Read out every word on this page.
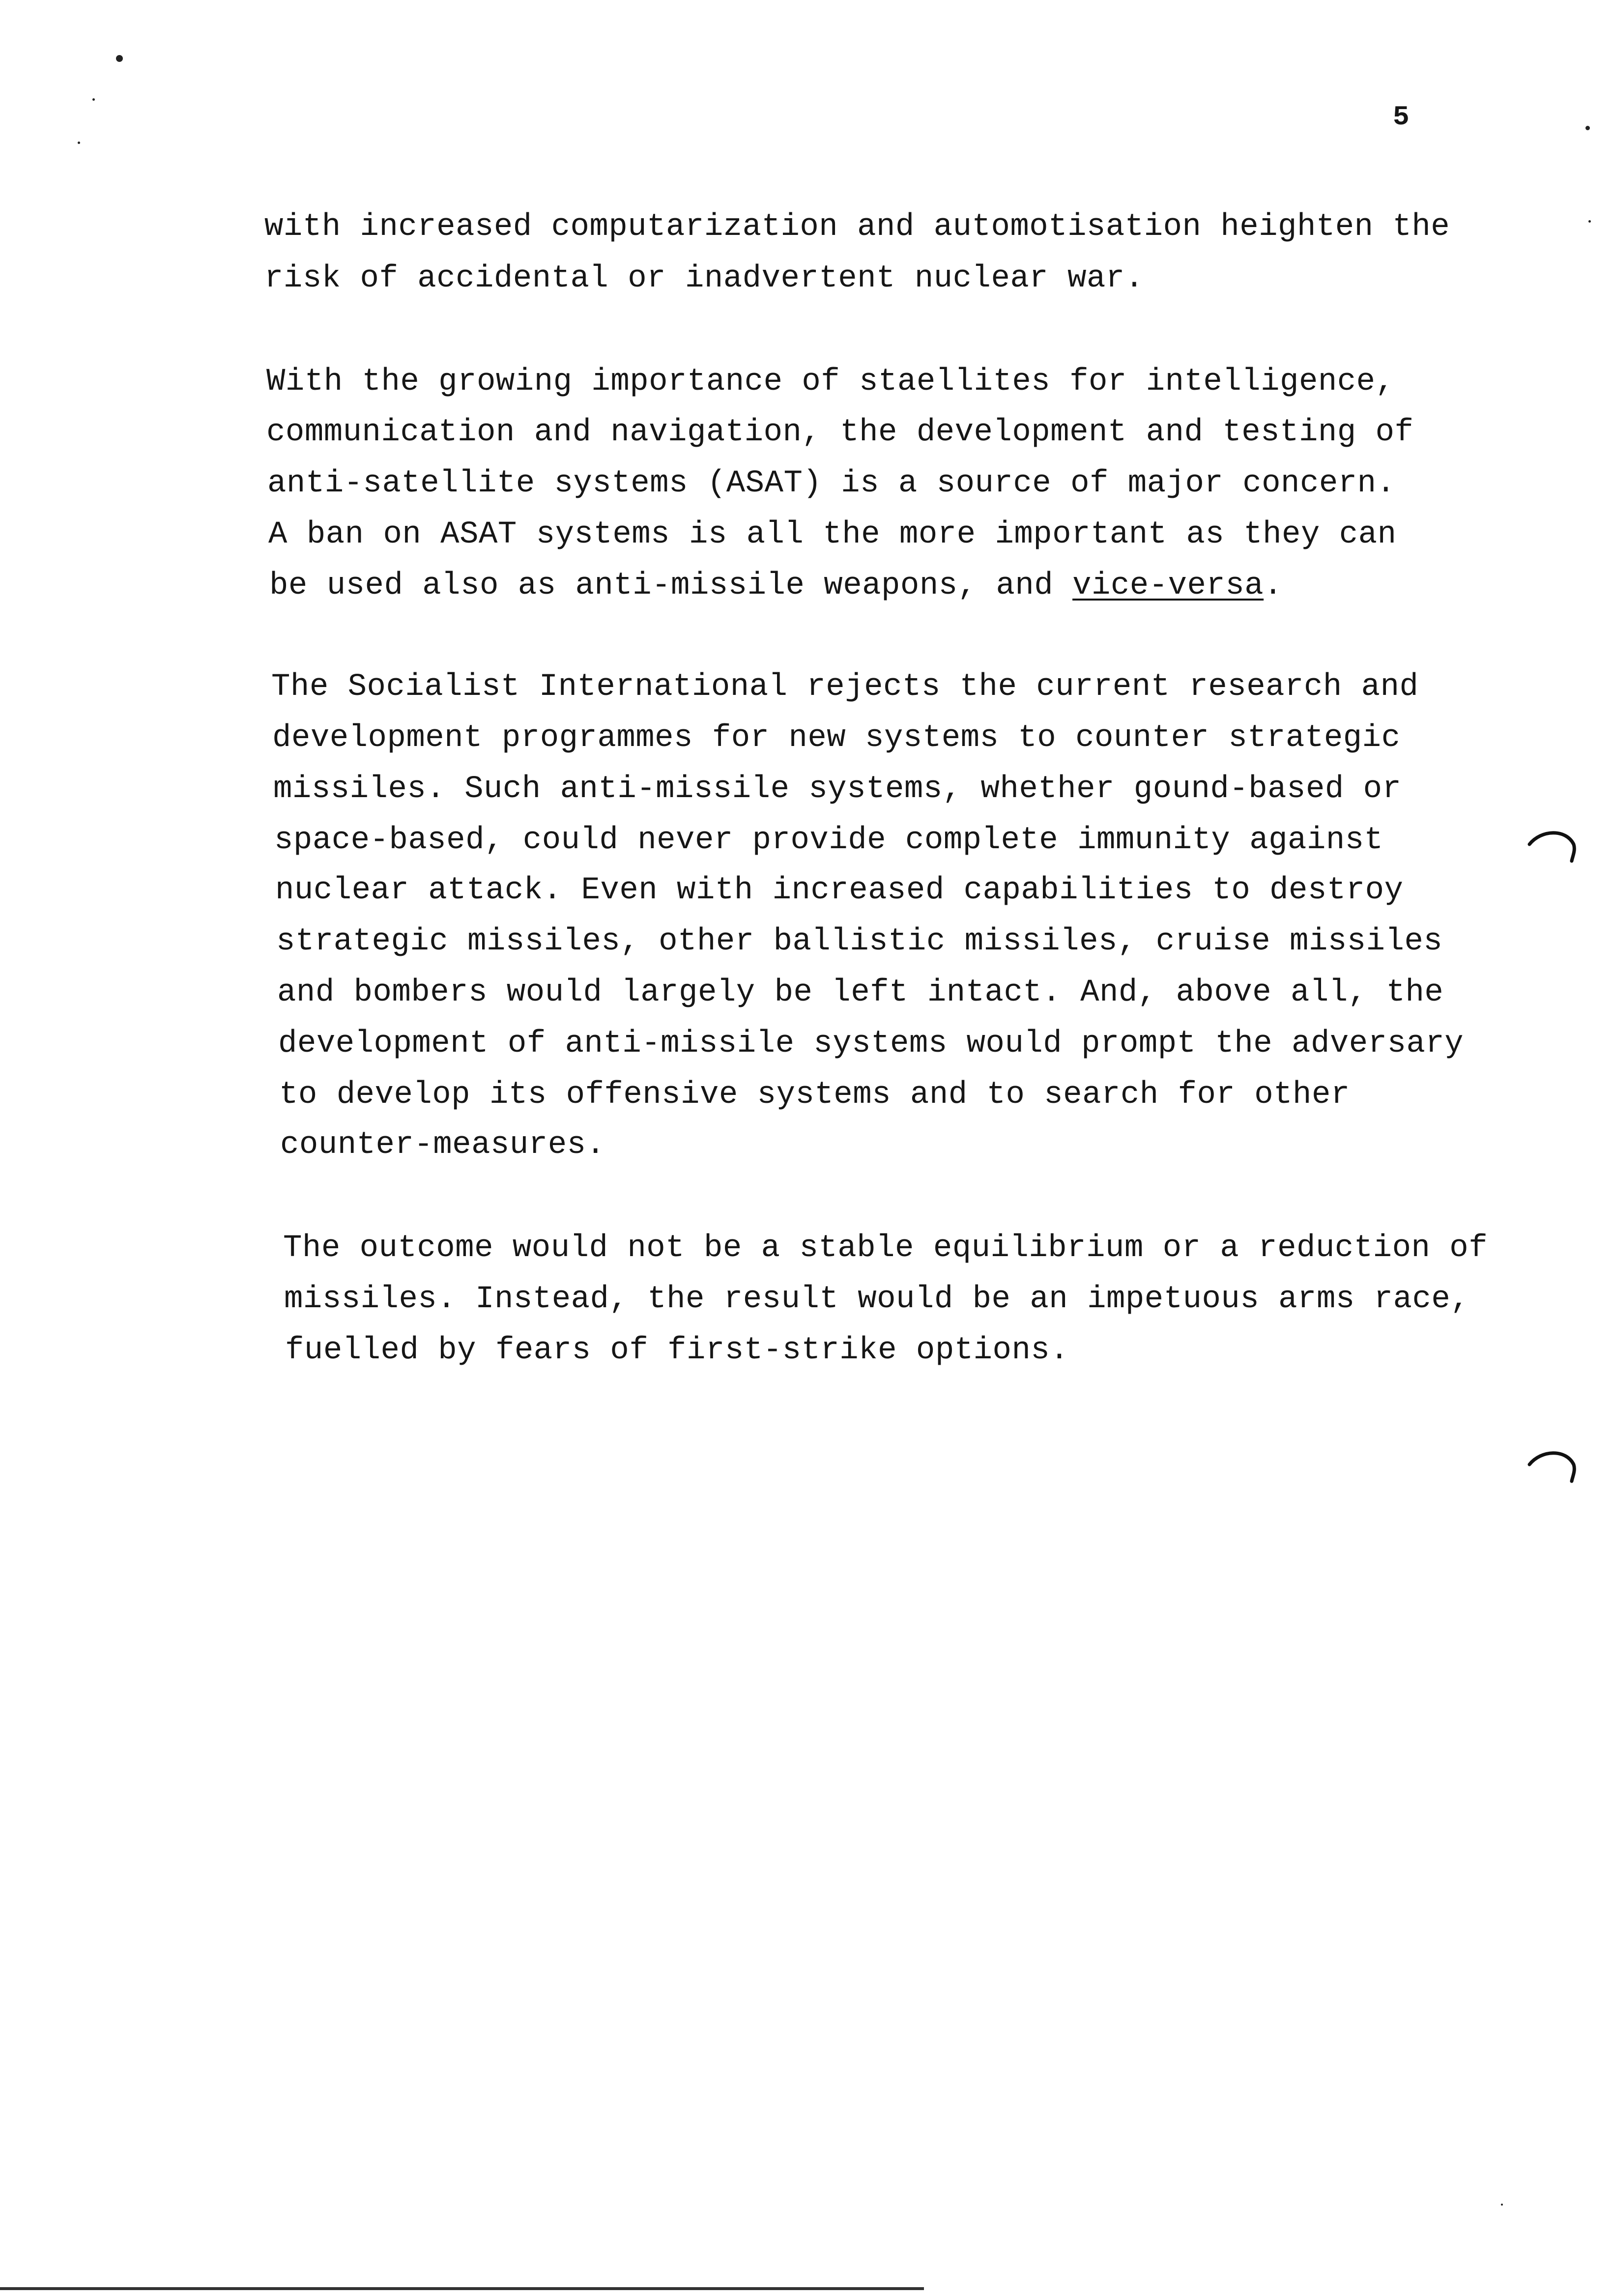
5
with increased computarization and automotisation heighten the
risk of accidental or inadvertent nuclear war.
With the growing importance of staellites for intelligence,
communication and navigation, the development and testing of
anti-satellite systems (ASAT) is a source of major concern.
A ban on ASAT systems is all the more important as they can
be used also as anti-missile weapons, and vice-versa.
The Socialist International rejects the current research and
development programmes for new systems to counter strategic
missiles. Such anti-missile systems, whether gound-based or
space-based, could never provide complete immunity against
nuclear attack. Even with increased capabilities to destroy
strategic missiles, other ballistic missiles, cruise missiles
and bombers would largely be left intact. And, above all, the
development of anti-missile systems would prompt the adversary
to develop its offensive systems and to search for other
counter-measures.
The outcome would not be a stable equilibrium or a reduction of
missiles. Instead, the result would be an impetuous arms race,
fuelled by fears of first-strike options.
